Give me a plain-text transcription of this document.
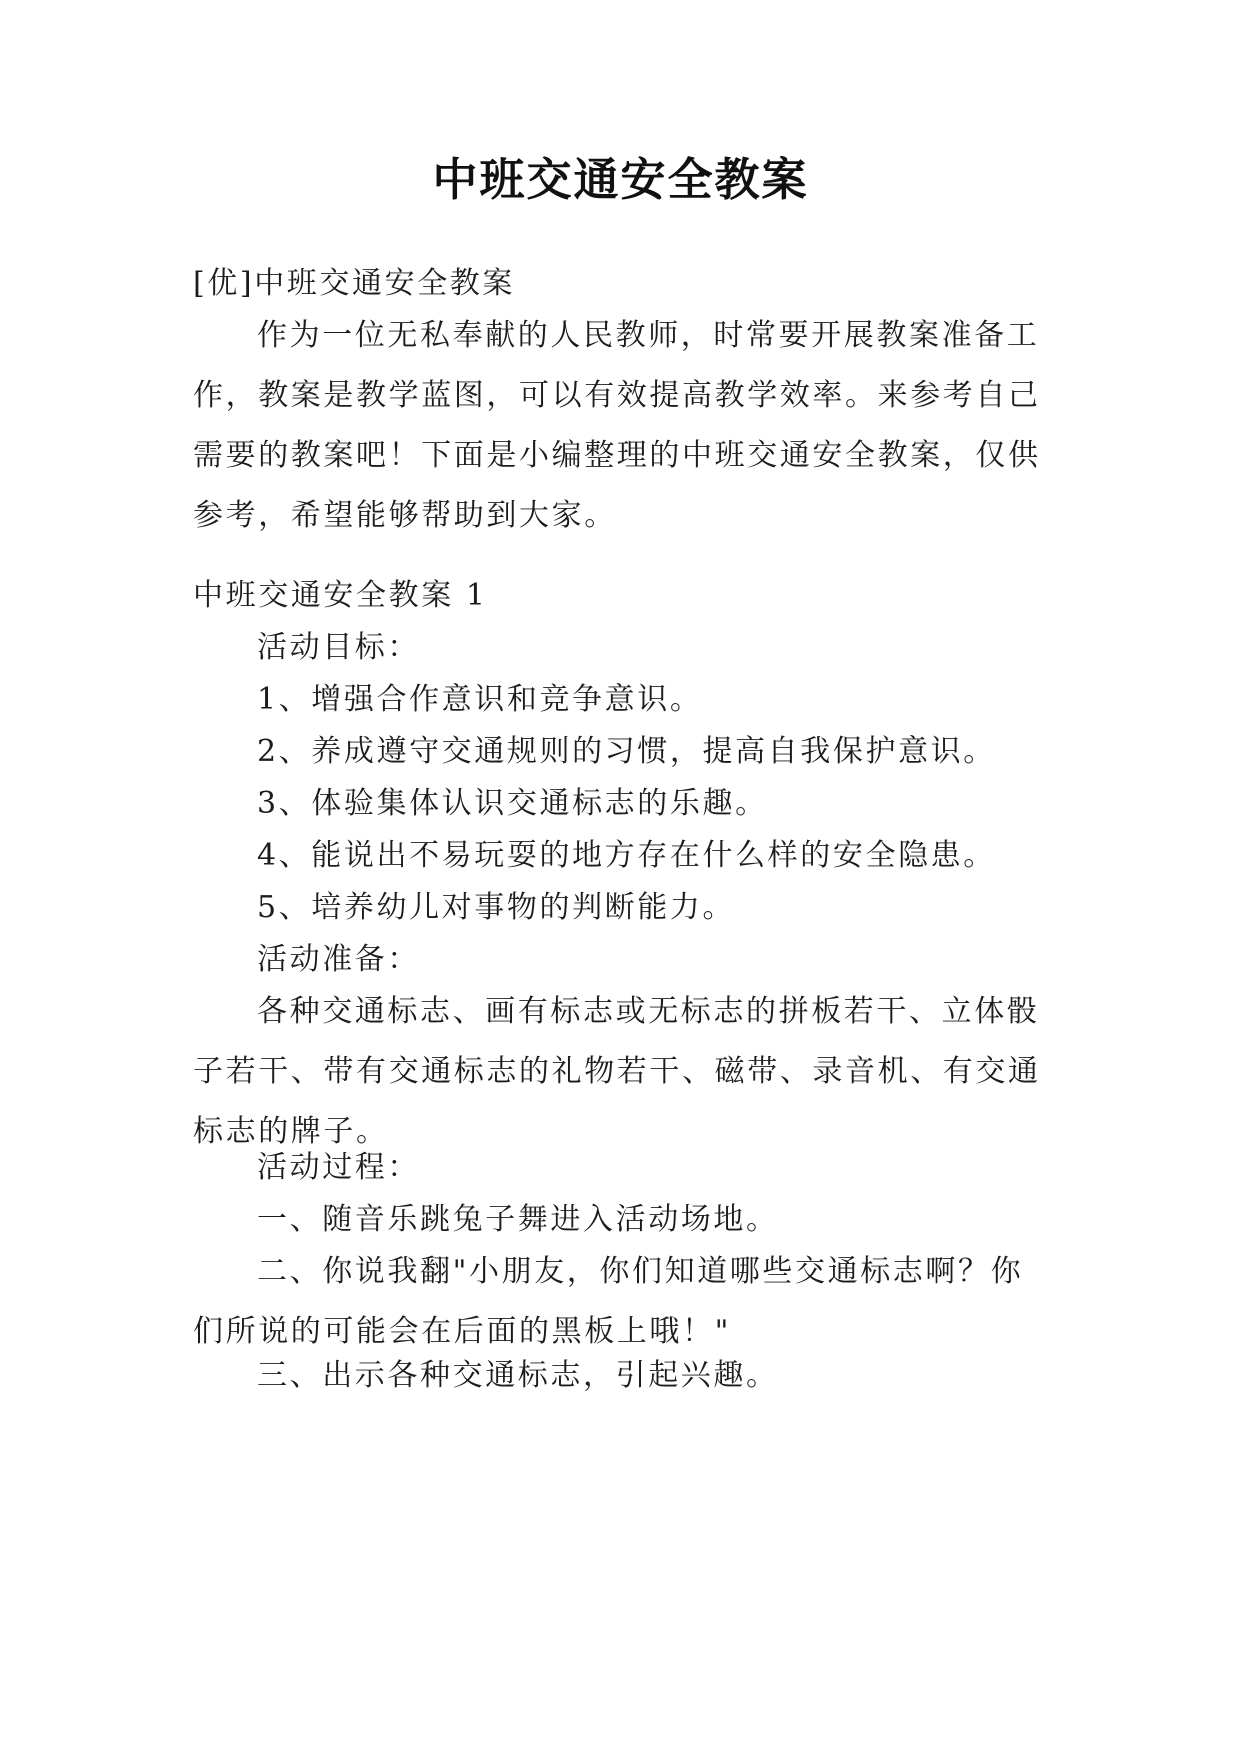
中班交通安全教案
[优]中班交通安全教案

作为一位无私奉献的人民教师，时常要开展教案准备工作，教案是教学蓝图，可以有效提高教学效率。来参考自己需要的教案吧！下面是小编整理的中班交通安全教案，仅供参考，希望能够帮助到大家。

中班交通安全教案 1
活动目标：
1、增强合作意识和竞争意识。
2、养成遵守交通规则的习惯，提高自我保护意识。
3、体验集体认识交通标志的乐趣。
4、能说出不易玩耍的地方存在什么样的安全隐患。
5、培养幼儿对事物的判断能力。
活动准备：

各种交通标志、画有标志或无标志的拼板若干、立体骰子若干、带有交通标志的礼物若干、磁带、录音机、有交通标志的牌子。

活动过程：
一、随音乐跳兔子舞进入活动场地。

二、你说我翻"小朋友，你们知道哪些交通标志啊？你们所说的可能会在后面的黑板上哦！"

三、出示各种交通标志，引起兴趣。
